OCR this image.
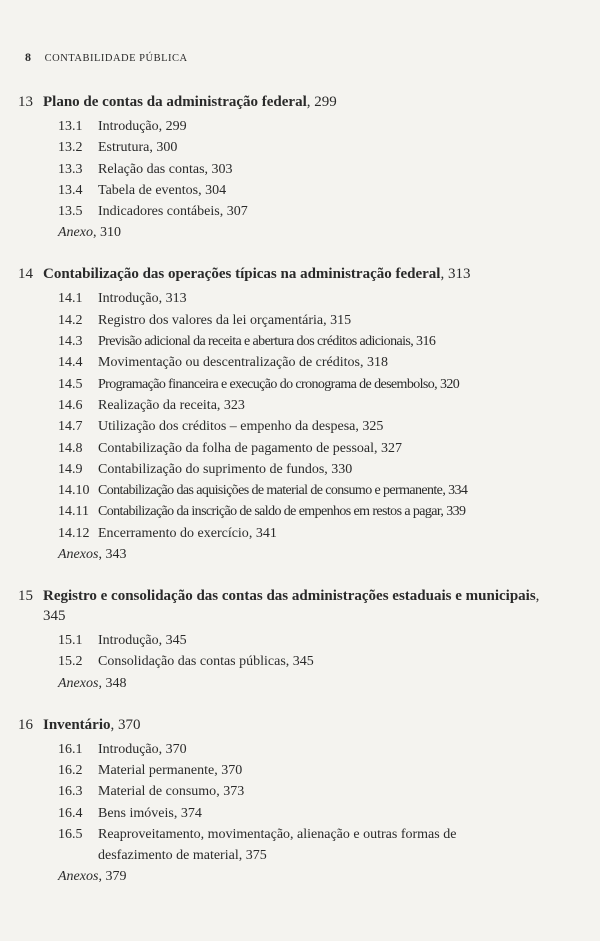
8 CONTABILIDADE PÚBLICA
13 Plano de contas da administração federal, 299
13.1	Introdução, 299
13.2	Estrutura, 300
13.3	Relação das contas, 303
13.4	Tabela de eventos, 304
13.5	Indicadores contábeis, 307
Anexo, 310
14 Contabilização das operações típicas na administração federal, 313
14.1	Introdução, 313
14.2	Registro dos valores da lei orçamentária, 315
14.3	Previsão adicional da receita e abertura dos créditos adicionais, 316
14.4	Movimentação ou descentralização de créditos, 318
14.5	Programação financeira e execução do cronograma de desembolso, 320
14.6	Realização da receita, 323
14.7	Utilização dos créditos – empenho da despesa, 325
14.8	Contabilização da folha de pagamento de pessoal, 327
14.9	Contabilização do suprimento de fundos, 330
14.10 Contabilização das aquisições de material de consumo e permanente, 334
14.11 Contabilização da inscrição de saldo de empenhos em restos a pagar, 339
14.12 Encerramento do exercício, 341
Anexos, 343
15 Registro e consolidação das contas das administrações estaduais e municipais, 345
15.1	Introdução, 345
15.2	Consolidação das contas públicas, 345
Anexos, 348
16 Inventário, 370
16.1	Introdução, 370
16.2	Material permanente, 370
16.3	Material de consumo, 373
16.4	Bens imóveis, 374
16.5	Reaproveitamento, movimentação, alienação e outras formas de desfazimento de material, 375
Anexos, 379
